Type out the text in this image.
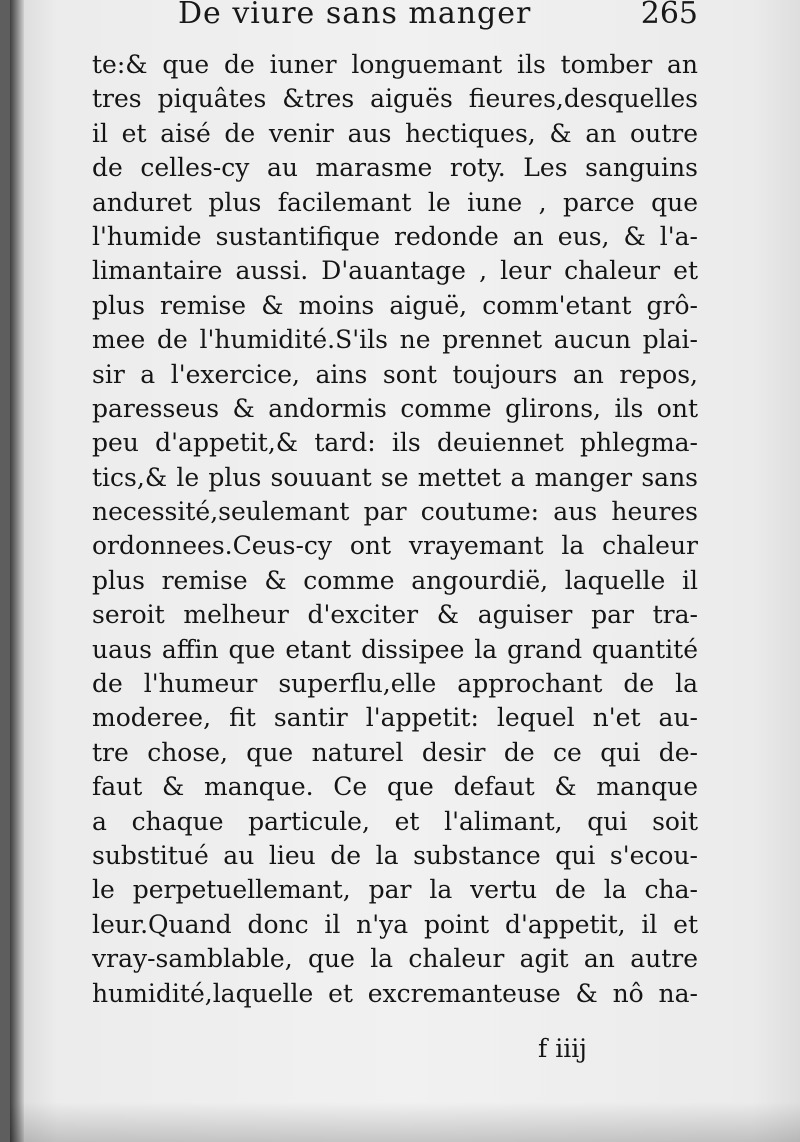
De viure sans manger	265
te:& que de iuner longuemant ils tomber an
tres piquâtes &tres aiguës fieures,desquelles
il et aisé de venir aus hectiques, & an outre
de celles-cy au marasme roty. Les sanguins
anduret plus facilemant le iune , parce que
l'humide sustantifique redonde an eus, & l'a-
limantaire aussi. D'auantage , leur chaleur et
plus remise & moins aiguë, comm'etant grô-
mee de l'humidité.S'ils ne prennet aucun plai-
sir a l'exercice, ains sont toujours an repos,
paresseus & andormis comme glirons, ils ont
peu d'appetit,& tard: ils deuiennet phlegma-
tics,& le plus souuant se mettet a manger sans
necessité,seulemant par coutume: aus heures
ordonnees.Ceus-cy ont vrayemant la chaleur
plus remise & comme angourdië, laquelle il
seroit melheur d'exciter & aguiser par tra-
uaus affin que etant dissipee la grand quantité
de l'humeur superflu,elle approchant de la
moderee, fit santir l'appetit: lequel n'et au-
tre chose, que naturel desir de ce qui de-
faut & manque. Ce que defaut & manque
a chaque particule, et l'alimant, qui soit
substitué au lieu de la substance qui s'ecou-
le perpetuellemant, par la vertu de la cha-
leur.Quand donc il n'ya point d'appetit, il et
vray-samblable, que la chaleur agit an autre
humidité,laquelle et excremanteuse & nô na-
f iiij
